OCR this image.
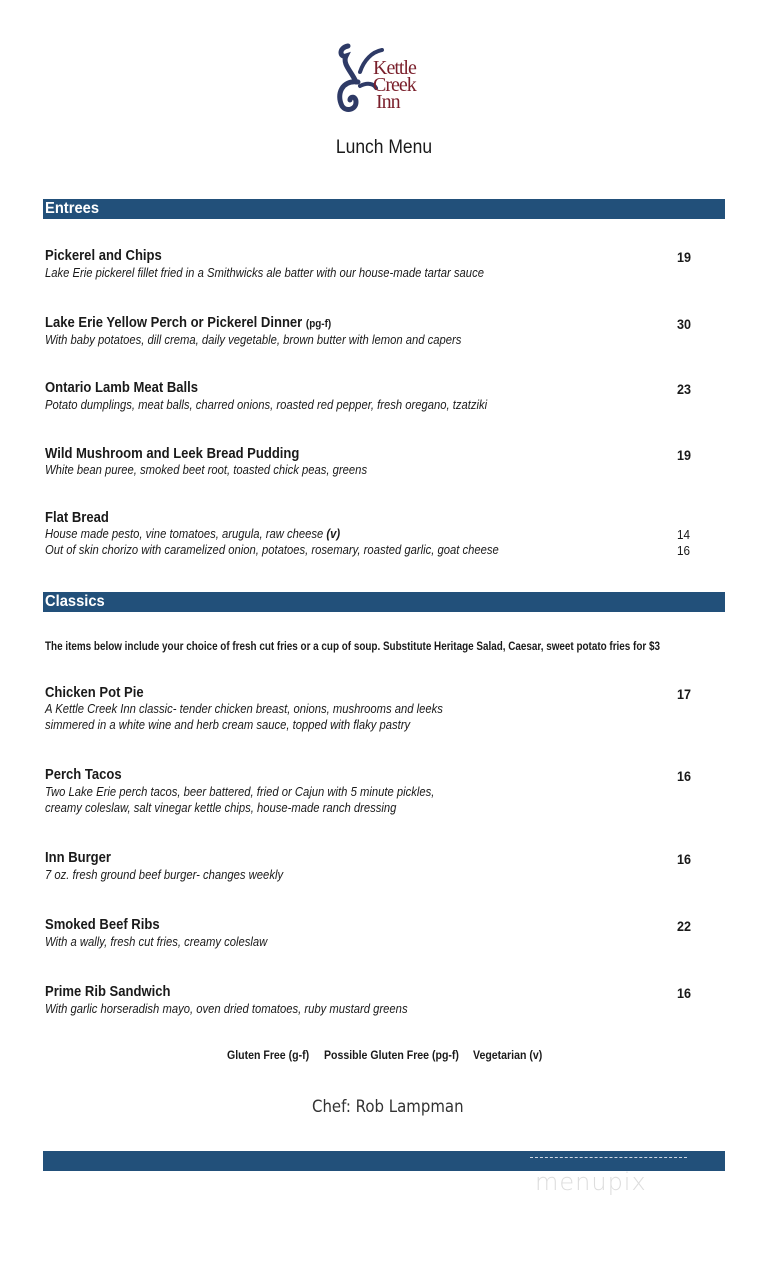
Kettle
Creek
Inn
Lunch Menu
Entrees
Pickerel and Chips
Lake Erie pickerel fillet fried in a Smithwicks ale batter with our house-made tartar sauce
19
Lake Erie Yellow Perch or Pickerel Dinner (pg-f)
With baby potatoes, dill crema, daily vegetable, brown butter with lemon and capers
30
Ontario Lamb Meat Balls
Potato dumplings, meat balls, charred onions, roasted red pepper, fresh oregano, tzatziki
23
Wild Mushroom and Leek Bread Pudding
White bean puree, smoked beet root, toasted chick peas, greens
19
Flat Bread
House made pesto, vine tomatoes, arugula, raw cheese (v)	14
Out of skin chorizo with caramelized onion, potatoes, rosemary, roasted garlic, goat cheese	16
Classics
The items below include your choice of fresh cut fries or a cup of soup. Substitute Heritage Salad, Caesar, sweet potato fries for $3
Chicken Pot Pie
A Kettle Creek Inn classic- tender chicken breast, onions, mushrooms and leeks
simmered in a white wine and herb cream sauce, topped with flaky pastry
17
Perch Tacos
Two Lake Erie perch tacos, beer battered, fried or Cajun with 5 minute pickles,
creamy coleslaw, salt vinegar kettle chips, house-made ranch dressing
16
Inn Burger
7 oz. fresh ground beef burger- changes weekly
16
Smoked Beef Ribs
With a wally, fresh cut fries, creamy coleslaw
22
Prime Rib Sandwich
With garlic horseradish mayo, oven dried tomatoes, ruby mustard greens
16
Gluten Free (g-f) Possible Gluten Free (pg-f) Vegetarian (v)
Chef: Rob Lampman
menupix
